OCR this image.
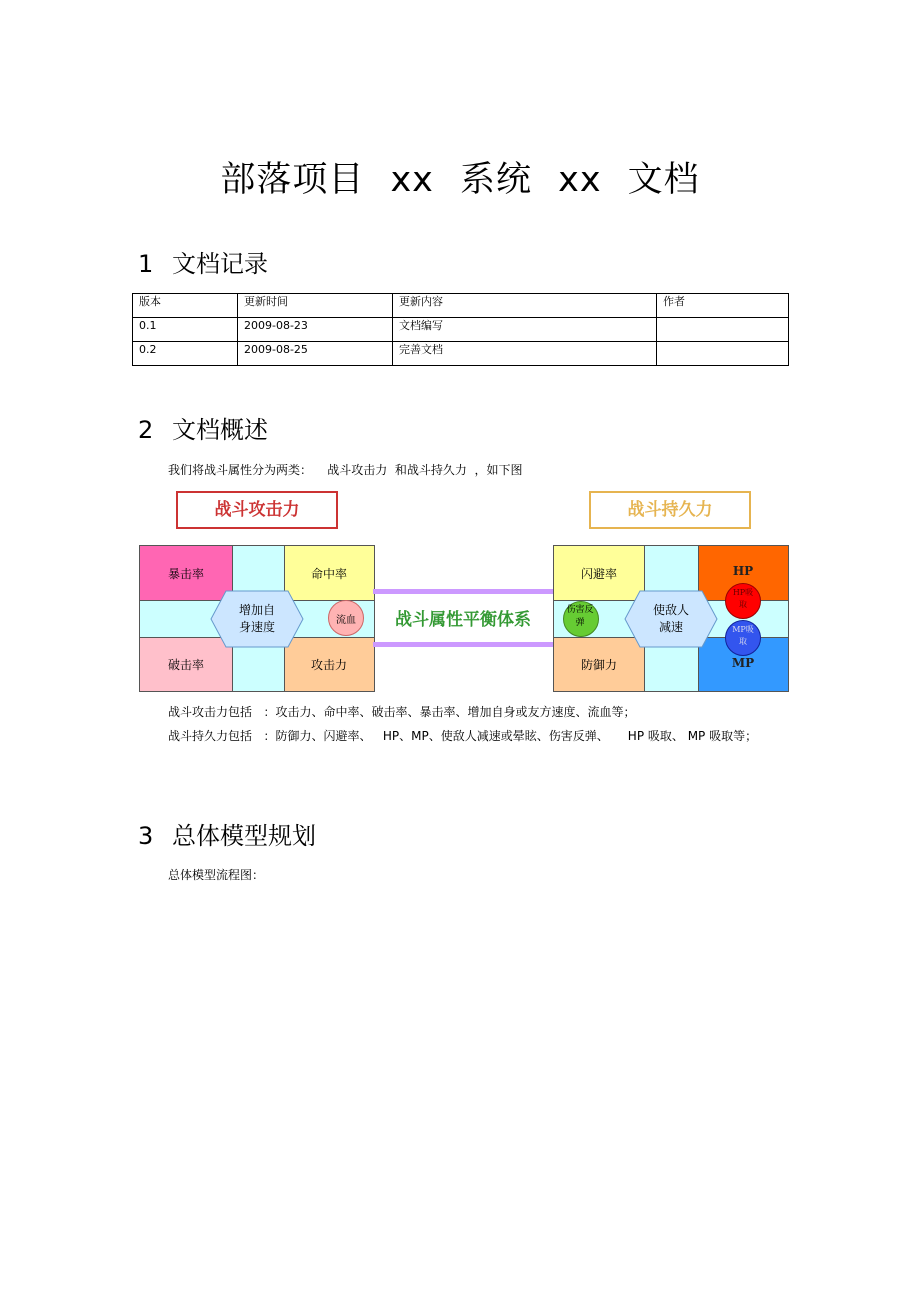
部落项目 xx 系统 xx 文档
1 文档记录
版本	更新时间	更新内容	作者
0.1	2009-08-23	文档编写	
0.2	2009-08-25	完善文档	
2 文档概述
我们将战斗属性分为两类：    战斗攻击力  和战斗持久力  ，如下图
战斗攻击力	战斗持久力
暴击率	命中率
破击率	攻击力
增加自
身速度	流血	战斗属性平衡体系
闪避率
防御力
HP
MP
使敌人
减速
伤害反
弹
HP吸
取
MP吸
取
战斗攻击力包括   ：攻击力、命中率、破击率、暴击率、增加自身或友方速度、流血等；
战斗持久力包括   ：防御力、闪避率、   HP、MP、使敌人减速或晕眩、伤害反弹、     HP 吸取、 MP 吸取等；
3 总体模型规划
总体模型流程图：
